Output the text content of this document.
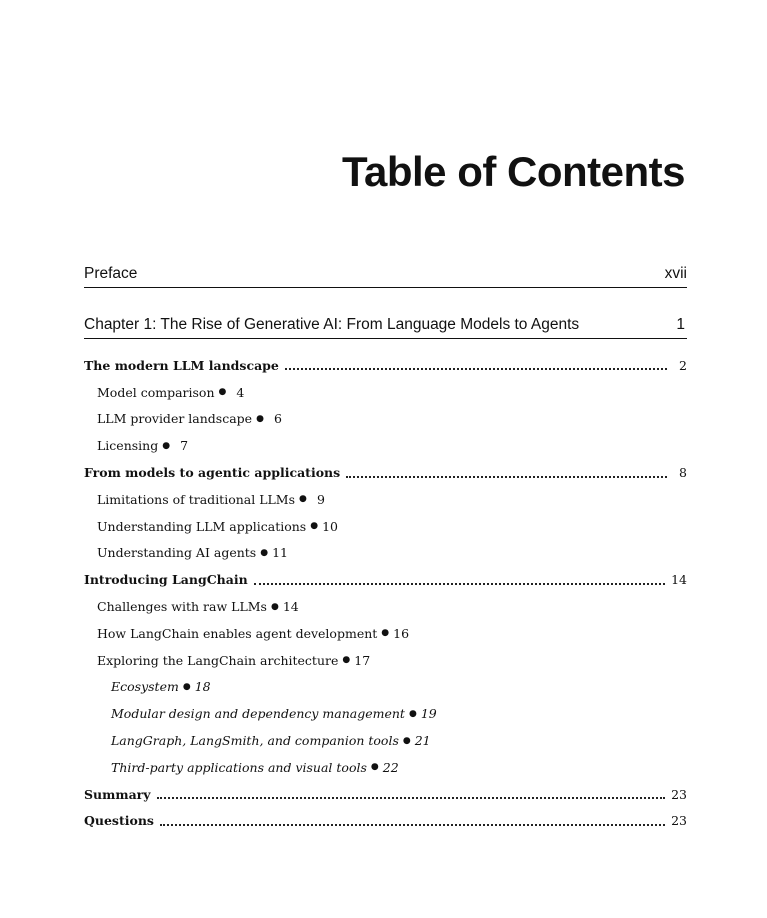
Table of Contents
Preface	xvii
Chapter 1: The Rise of Generative AI: From Language Models to Agents	1
The modern LLM landscape	2
Model comparison ● 4
LLM provider landscape ● 6
Licensing ● 7
From models to agentic applications	8
Limitations of traditional LLMs ● 9
Understanding LLM applications ● 10
Understanding AI agents ● 11
Introducing LangChain	14
Challenges with raw LLMs ● 14
How LangChain enables agent development ● 16
Exploring the LangChain architecture ● 17
Ecosystem ● 18
Modular design and dependency management ● 19
LangGraph, LangSmith, and companion tools ● 21
Third-party applications and visual tools ● 22
Summary	23
Questions	23
